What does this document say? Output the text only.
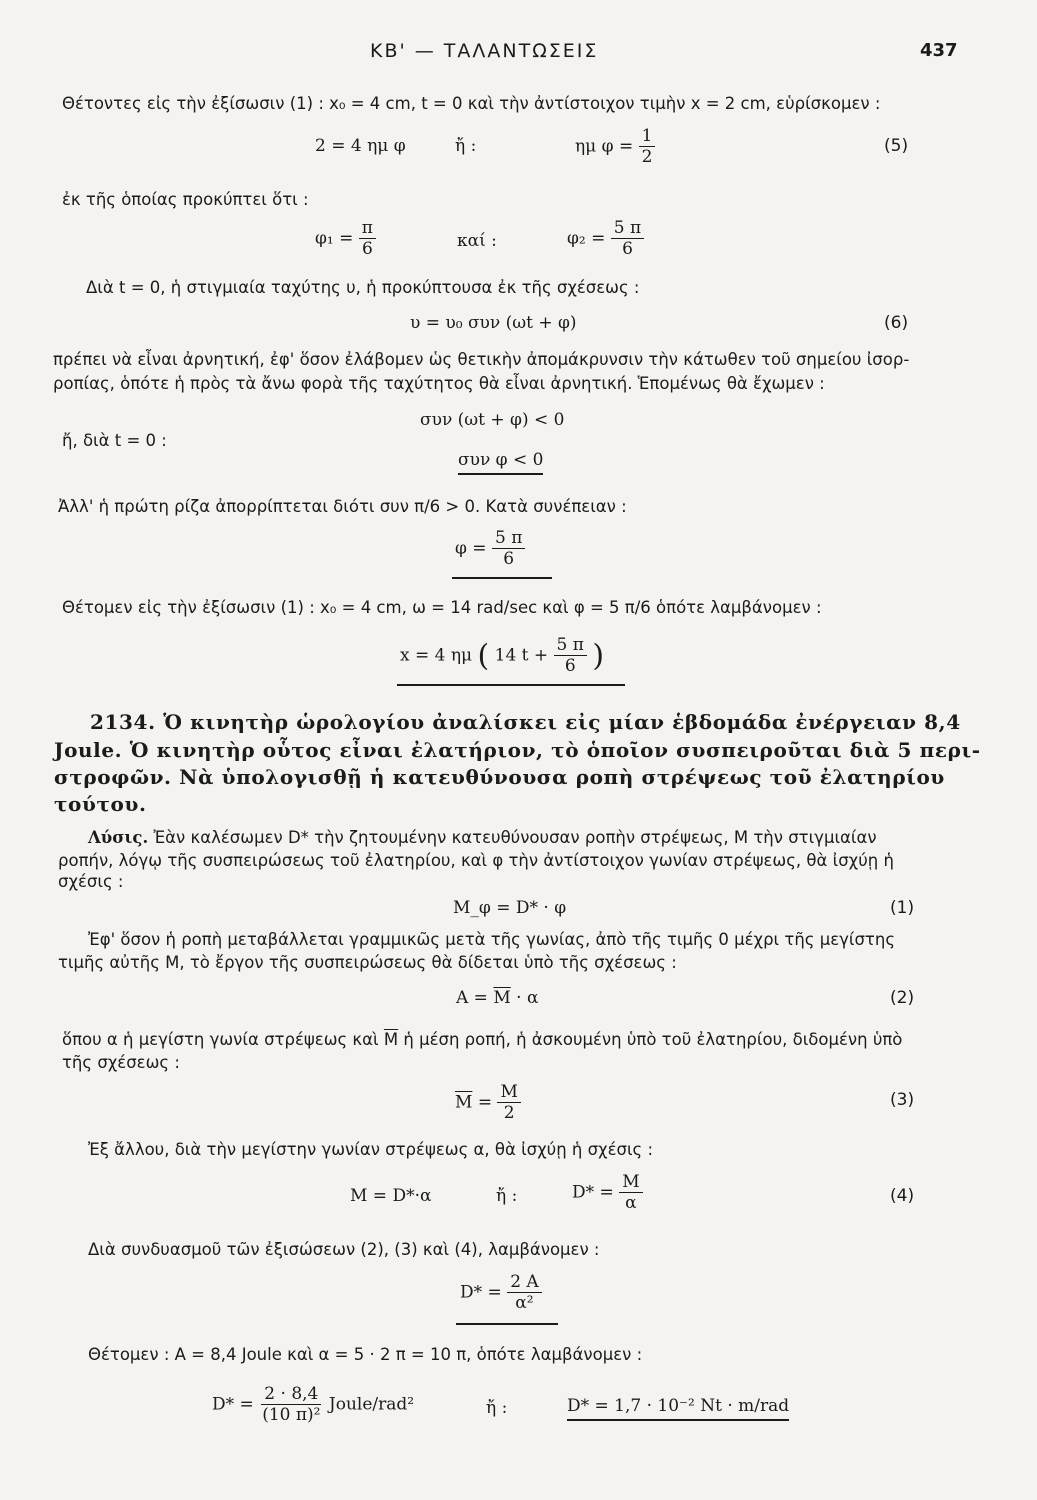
ΚΒ' — ΤΑΛΑΝΤΩΣΕΙΣ	437
Θέτοντες εἰς τὴν ἐξίσωσιν (1) : x₀ = 4 cm, t = 0 καὶ τὴν ἀντίστοιχον τιμὴν x = 2 cm, εὑρίσκομεν :
2 = 4 ημ φ	ἤ :	ημ $\varphi = \frac{1}{2}$	(5)
ἐκ τῆς ὁποίας προκύπτει ὅτι :
$\varphi_1 = \frac{\pi}{6}$	καί :	$\varphi_2 = \frac{5 \pi}{6}$
Διὰ t = 0, ἡ στιγμιαία ταχύτης υ, ἡ προκύπτουσα ἐκ τῆς σχέσεως :
υ = υ₀ συν (ωt + φ)	(6)
πρέπει νὰ εἶναι ἀρνητική, ἐφ' ὅσον ἐλάβομεν ὡς θετικὴν ἀπομάκρυνσιν τὴν κάτωθεν τοῦ σημείου ἰσορ-
ροπίας, ὁπότε ἡ πρὸς τὰ ἄνω φορὰ τῆς ταχύτητος θὰ εἶναι ἀρνητική. Ἑπομένως θὰ ἔχωμεν :
συν (ωt + φ) < 0
ἤ, διὰ t = 0 :
συν φ < 0
Ἀλλ' ἡ πρώτη ρίζα ἀπορρίπτεται διότι συν π/6 > 0. Κατὰ συνέπειαν :
$\varphi = \frac{5 \pi}{6}$
Θέτομεν εἰς τὴν ἐξίσωσιν (1) : x₀ = 4 cm, ω = 14 rad/sec καὶ φ = 5 π/6 ὁπότε λαμβάνομεν :
x = 4 ημ ( 14 $t + \frac{5 \pi}{6}$ )
2134. Ὁ κινητὴρ ὡρολογίου ἀναλίσκει εἰς μίαν ἑβδομάδα ἐνέργειαν 8,4
Joule. Ὁ κινητὴρ οὗτος εἶναι ἐλατήριον, τὸ ὁποῖον συσπειροῦται διὰ 5 περι-
στροφῶν. Νὰ ὑπολογισθῇ ἡ κατευθύνουσα ροπὴ στρέψεως τοῦ ἐλατηρίου
τούτου.
Λύσις. Ἐὰν καλέσωμεν D* τὴν ζητουμένην κατευθύνουσαν ροπὴν στρέψεως, M τὴν στιγμιαίαν
ροπήν, λόγῳ τῆς συσπειρώσεως τοῦ ἐλατηρίου, καὶ φ τὴν ἀντίστοιχον γωνίαν στρέψεως, θὰ ἰσχύῃ ἡ
σχέσις :
M_φ = D* · φ	(1)
Ἐφ' ὅσον ἡ ροπὴ μεταβάλλεται γραμμικῶς μετὰ τῆς γωνίας, ἀπὸ τῆς τιμῆς 0 μέχρι τῆς μεγίστης
τιμῆς αὐτῆς M, τὸ ἔργον τῆς συσπειρώσεως θὰ δίδεται ὑπὸ τῆς σχέσεως :
$A = \overline{M} \cdot \alpha$	(2)
ὅπου α ἡ μεγίστη γωνία στρέψεως καὶ $\overline{M}$ ἡ μέση ροπή, ἡ ἀσκουμένη ὑπὸ τοῦ ἐλατηρίου, διδομένη ὑπὸ
τῆς σχέσεως :
$\overline{M} = \frac{M}{2}$	(3)
Ἐξ ἄλλου, διὰ τὴν μεγίστην γωνίαν στρέψεως α, θὰ ἰσχύῃ ἡ σχέσις :
M = D*·α	ἤ :	$D* = \frac{M}{\alpha}$	(4)
Διὰ συνδυασμοῦ τῶν ἐξισώσεων (2), (3) καὶ (4), λαμβάνομεν :
$D* = \frac{2 A}{\text{α²}}$
Θέτομεν : A = 8,4 Joule καὶ α = 5 · 2 π = 10 π, ὁπότε λαμβάνομεν :
$D* = \frac{2 \cdot 8,4}{\text{(10 π)²}}$ Joule/rad²	ἤ :	D* = 1,7 · 10⁻² Nt · m/rad
